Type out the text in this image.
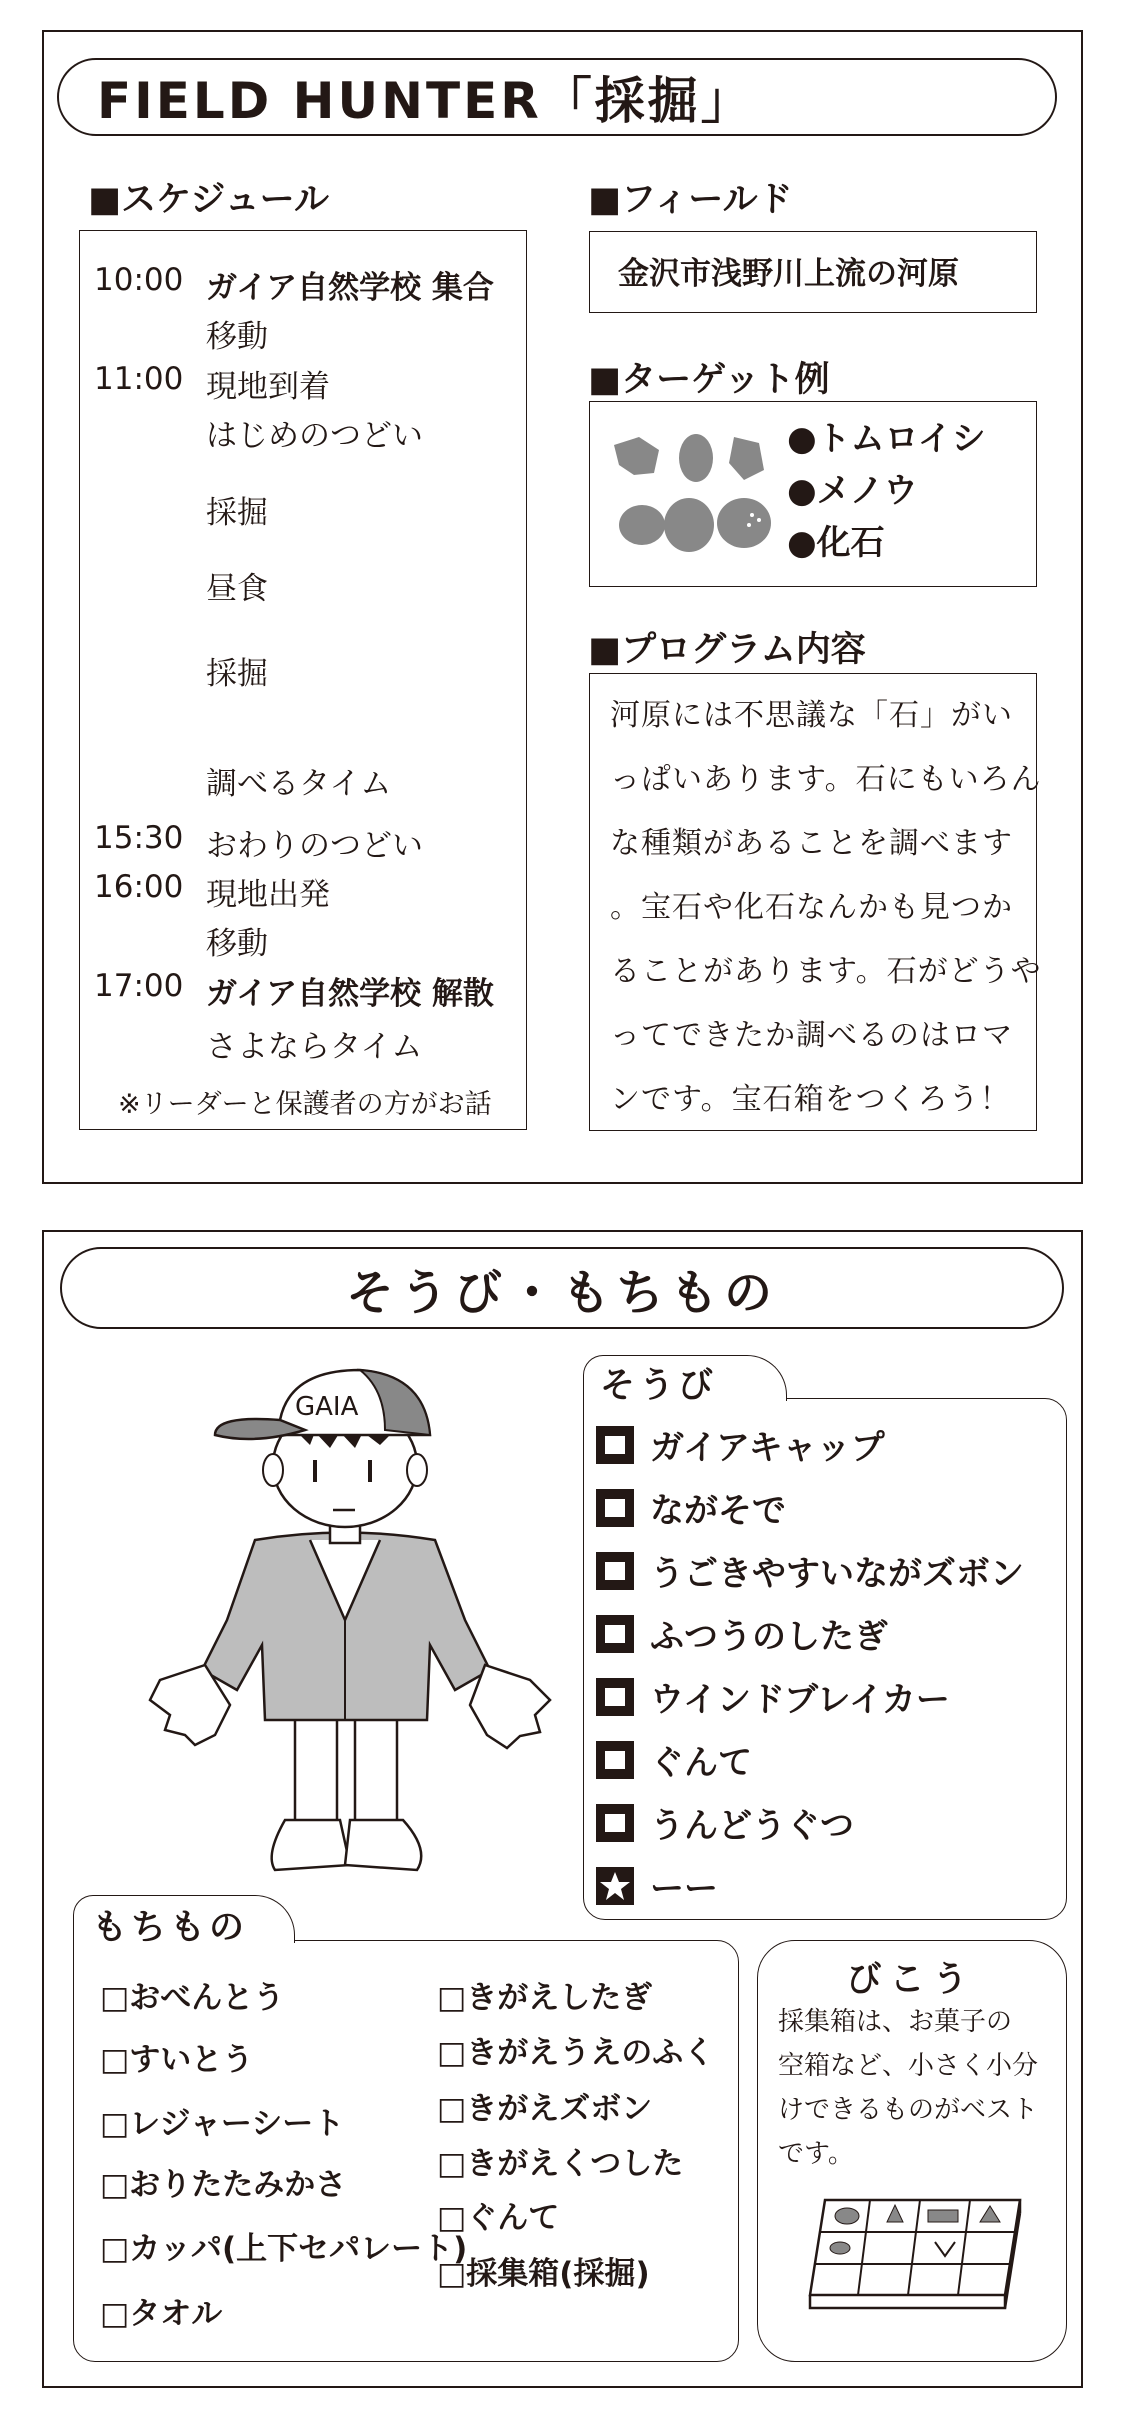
FIELD HUNTER「採掘」
■スケジュール
10:00 ガイア自然学校 集合
移動
11:00 現地到着
はじめのつどい
採掘
昼食
採掘
調べるタイム
15:30 おわりのつどい
16:00 現地出発
移動
17:00 ガイア自然学校 解散
さよならタイム
※リーダーと保護者の方がお話
■フィールド
金沢市浅野川上流の河原
■ターゲット例
●トムロイシ
●メノウ
●化石
■プログラム内容
河原には不思議な「石」がい
っぱいあります。石にもいろん
な種類があることを調べます
。宝石や化石なんかも見つか
ることがあります。石がどうや
ってできたか調べるのはロマ
ンです。宝石箱をつくろう！
そうび・もちもの
GAIA
そうび
ガイアキャップ
ながそで
うごきやすいながズボン
ふつうのしたぎ
ウインドブレイカー
ぐんて
うんどうぐつ
ーー
もちもの
□おべんとう
□すいとう
□レジャーシート
□おりたたみかさ
□カッパ(上下セパレート)
□タオル
□きがえしたぎ
□きがえうえのふく
□きがえズボン
□きがえくつした
□ぐんて
□採集箱(採掘)
びこう
採集箱は、お菓子の
空箱など、小さく小分
けできるものがベスト
です。
